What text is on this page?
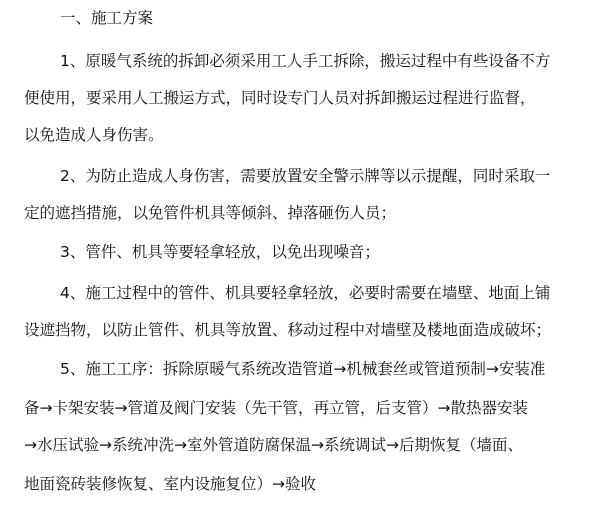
一、施工方案
1、原暖气系统的拆卸必须采用工人手工拆除，搬运过程中有些设备不方
便使用，要采用人工搬运方式，同时设专门人员对拆卸搬运过程进行监督，
以免造成人身伤害。
2、为防止造成人身伤害，需要放置安全警示牌等以示提醒，同时采取一
定的遮挡措施，以免管件机具等倾斜、掉落砸伤人员；
3、管件、机具等要轻拿轻放，以免出现噪音；
4、施工过程中的管件、机具要轻拿轻放，必要时需要在墙壁、地面上铺
设遮挡物，以防止管件、机具等放置、移动过程中对墙壁及楼地面造成破坏；
5、施工工序：拆除原暖气系统改造管道→机械套丝或管道预制→安装准
备→卡架安装→管道及阀门安装（先干管，再立管，后支管）→散热器安装
→水压试验→系统冲洗→室外管道防腐保温→系统调试→后期恢复（墙面、
地面瓷砖装修恢复、室内设施复位）→验收
